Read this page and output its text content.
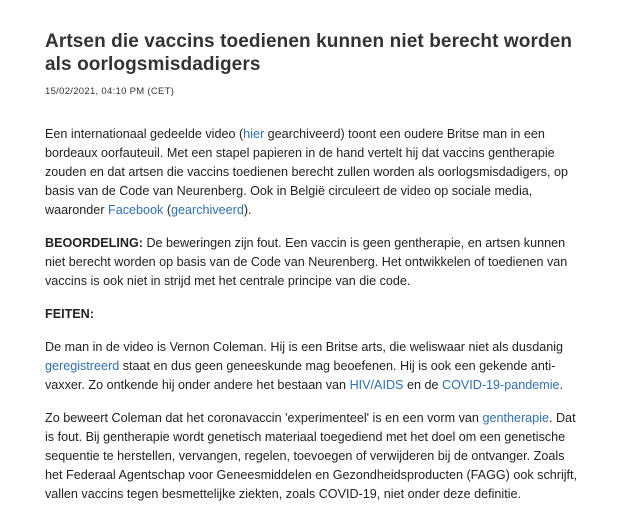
Artsen die vaccins toedienen kunnen niet berecht worden als oorlogsmisdadigers
15/02/2021, 04:10 PM (CET)

Een internationaal gedeelde video (hier gearchiveerd) toont een oudere Britse man in een bordeaux oorfauteuil. Met een stapel papieren in de hand vertelt hij dat vaccins gentherapie zouden en dat artsen die vaccins toedienen berecht zullen worden als oorlogsmisdadigers, op basis van de Code van Neurenberg. Ook in België circuleert de video op sociale media, waaronder Facebook (gearchiveerd).

BEOORDELING: De beweringen zijn fout. Een vaccin is geen gentherapie, en artsen kunnen niet berecht worden op basis van de Code van Neurenberg. Het ontwikkelen of toedienen van vaccins is ook niet in strijd met het centrale principe van die code.

FEITEN:

De man in de video is Vernon Coleman. Hij is een Britse arts, die weliswaar niet als dusdanig geregistreerd staat en dus geen geneeskunde mag beoefenen. Hij is ook een gekende anti-vaxxer. Zo ontkende hij onder andere het bestaan van HIV/AIDS en de COVID-19-pandemie.

Zo beweert Coleman dat het coronavaccin 'experimenteel' is en een vorm van gentherapie. Dat is fout. Bij gentherapie wordt genetisch materiaal toegediend met het doel om een genetische sequentie te herstellen, vervangen, regelen, toevoegen of verwijderen bij de ontvanger. Zoals het Federaal Agentschap voor Geneesmiddelen en Gezondheidsproducten (FAGG) ook schrijft, vallen vaccins tegen besmettelijke ziekten, zoals COVID-19, niet onder deze definitie.
